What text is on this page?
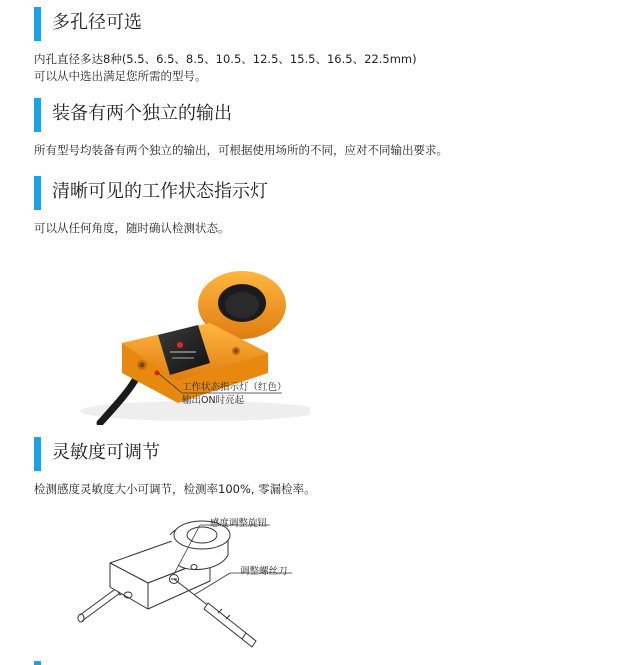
多孔径可选
内孔直径多达8种(5.5、6.5、8.5、10.5、12.5、15.5、16.5、22.5mm)
可以从中选出满足您所需的型号。
装备有两个独立的输出
所有型号均装备有两个独立的输出，可根据使用场所的不同，应对不同输出要求。
清晰可见的工作状态指示灯
可以从任何角度，随时确认检测状态。
工作状态指示灯（红色）
输出ON时亮起
灵敏度可调节
检测感度灵敏度大小可调节，检测率100%, 零漏检率。
感度调整旋钮
调整螺丝刀
